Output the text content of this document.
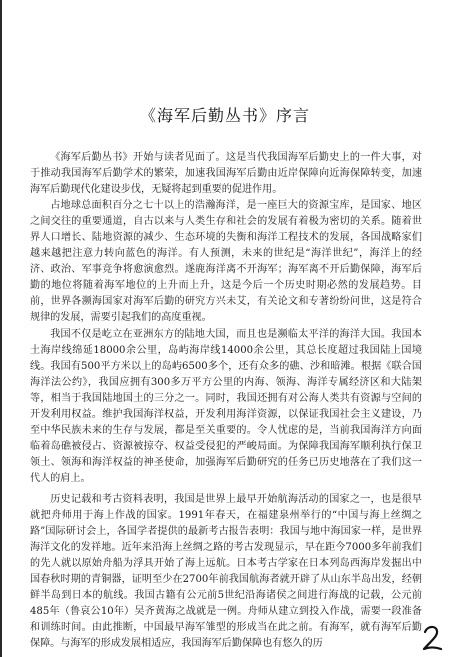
《海军后勤丛书》序言

《海军后勤丛书》开始与读者见面了。这是当代我国海军后勤史上的一件大事，对于推动我国海军后勤学术的繁荣，加速我国海军后勤由近岸保障向近海保障转变，加速海军后勤现代化建设步伐，无疑将起到重要的促进作用。

占地球总面积百分之七十以上的浩瀚海洋，是一座巨大的资源宝库，是国家、地区之间交往的重要通道，自古以来与人类生存和社会的发展有着极为密切的关系。随着世界人口增长、陆地资源的减少、生态环境的失衡和海洋工程技术的发展，各国战略家们越来越把注意力转向蓝色的海洋。有人预测，未来的世纪是“海洋世纪”，海洋上的经济、政治、军事竞争将愈演愈烈。遂鹿海洋离不开海军；海军离不开后勤保障，海军后勤的地位将随着海军地位的上升而上升，这是今后一个历史时期必然的发展趋势。目前，世界各濒海国家对海军后勤的研究方兴未艾，有关论文和专著纷纷问世，这是符合规律的发展，需要引起我们的高度重视。

我国不仅是屹立在亚洲东方的陆地大国，而且也是濒临太平洋的海洋大国。我国本土海岸线绵延18000余公里，岛屿海岸线14000余公里，其总长度超过我国陆上国境线。我国有500平方米以上的岛屿6500多个，还有众多的礁、沙和暗滩。根据《联合国海洋法公约》，我国应拥有300多万平方公里的内海、领海、海洋专属经济区和大陆架等，相当于我国陆地国土的三分之一。同时，我国还拥有对公海人类共有资源与空间的开发利用权益。维护我国海洋权益，开发利用海洋资源，以保证我国社会主义建设，乃至中华民族未来的生存与发展，都是至关重要的。令人忧虑的是，当前我国海洋方向面临着岛礁被侵占、资源被掠夺、权益受侵犯的严峻局面。为保障我国海军顺利执行保卫领土、领海和海洋权益的神圣使命，加强海军后勤研究的任务已历史地落在了我们这一代人的肩上。

历史记载和考古资料表明，我国是世界上最早开始航海活动的国家之一，也是很早就把舟师用于海上作战的国家。1991年春天，在福建泉州举行的“中国与海上丝绸之路”国际研讨会上，各国学者提供的最新考古报告表明：我国与地中海国家一样，是世界海洋文化的发祥地。近年来沿海上丝绸之路的考古发现显示，早在距今7000多年前我们的先人就以原始舟船为浮具开始了海上远航。日本考古学家在日本列岛西海岸发掘出中国春秋时期的青铜器，证明至少在2700年前我国航海者就开辟了从山东半岛出发，经朝鲜半岛到日本的航线。我国古籍有公元前5世纪沿海诸侯之间进行海战的记载，公元前485年（鲁哀公10年）吴齐黄海之战就是一例。舟师从建立到投入作战，需要一段准备和训练时间。由此推断，中国最早海军雏型的形成当在此之前。有海军，就有海军后勤保障。与海军的形成发展相适应，我国海军后勤保障也有悠久的历
